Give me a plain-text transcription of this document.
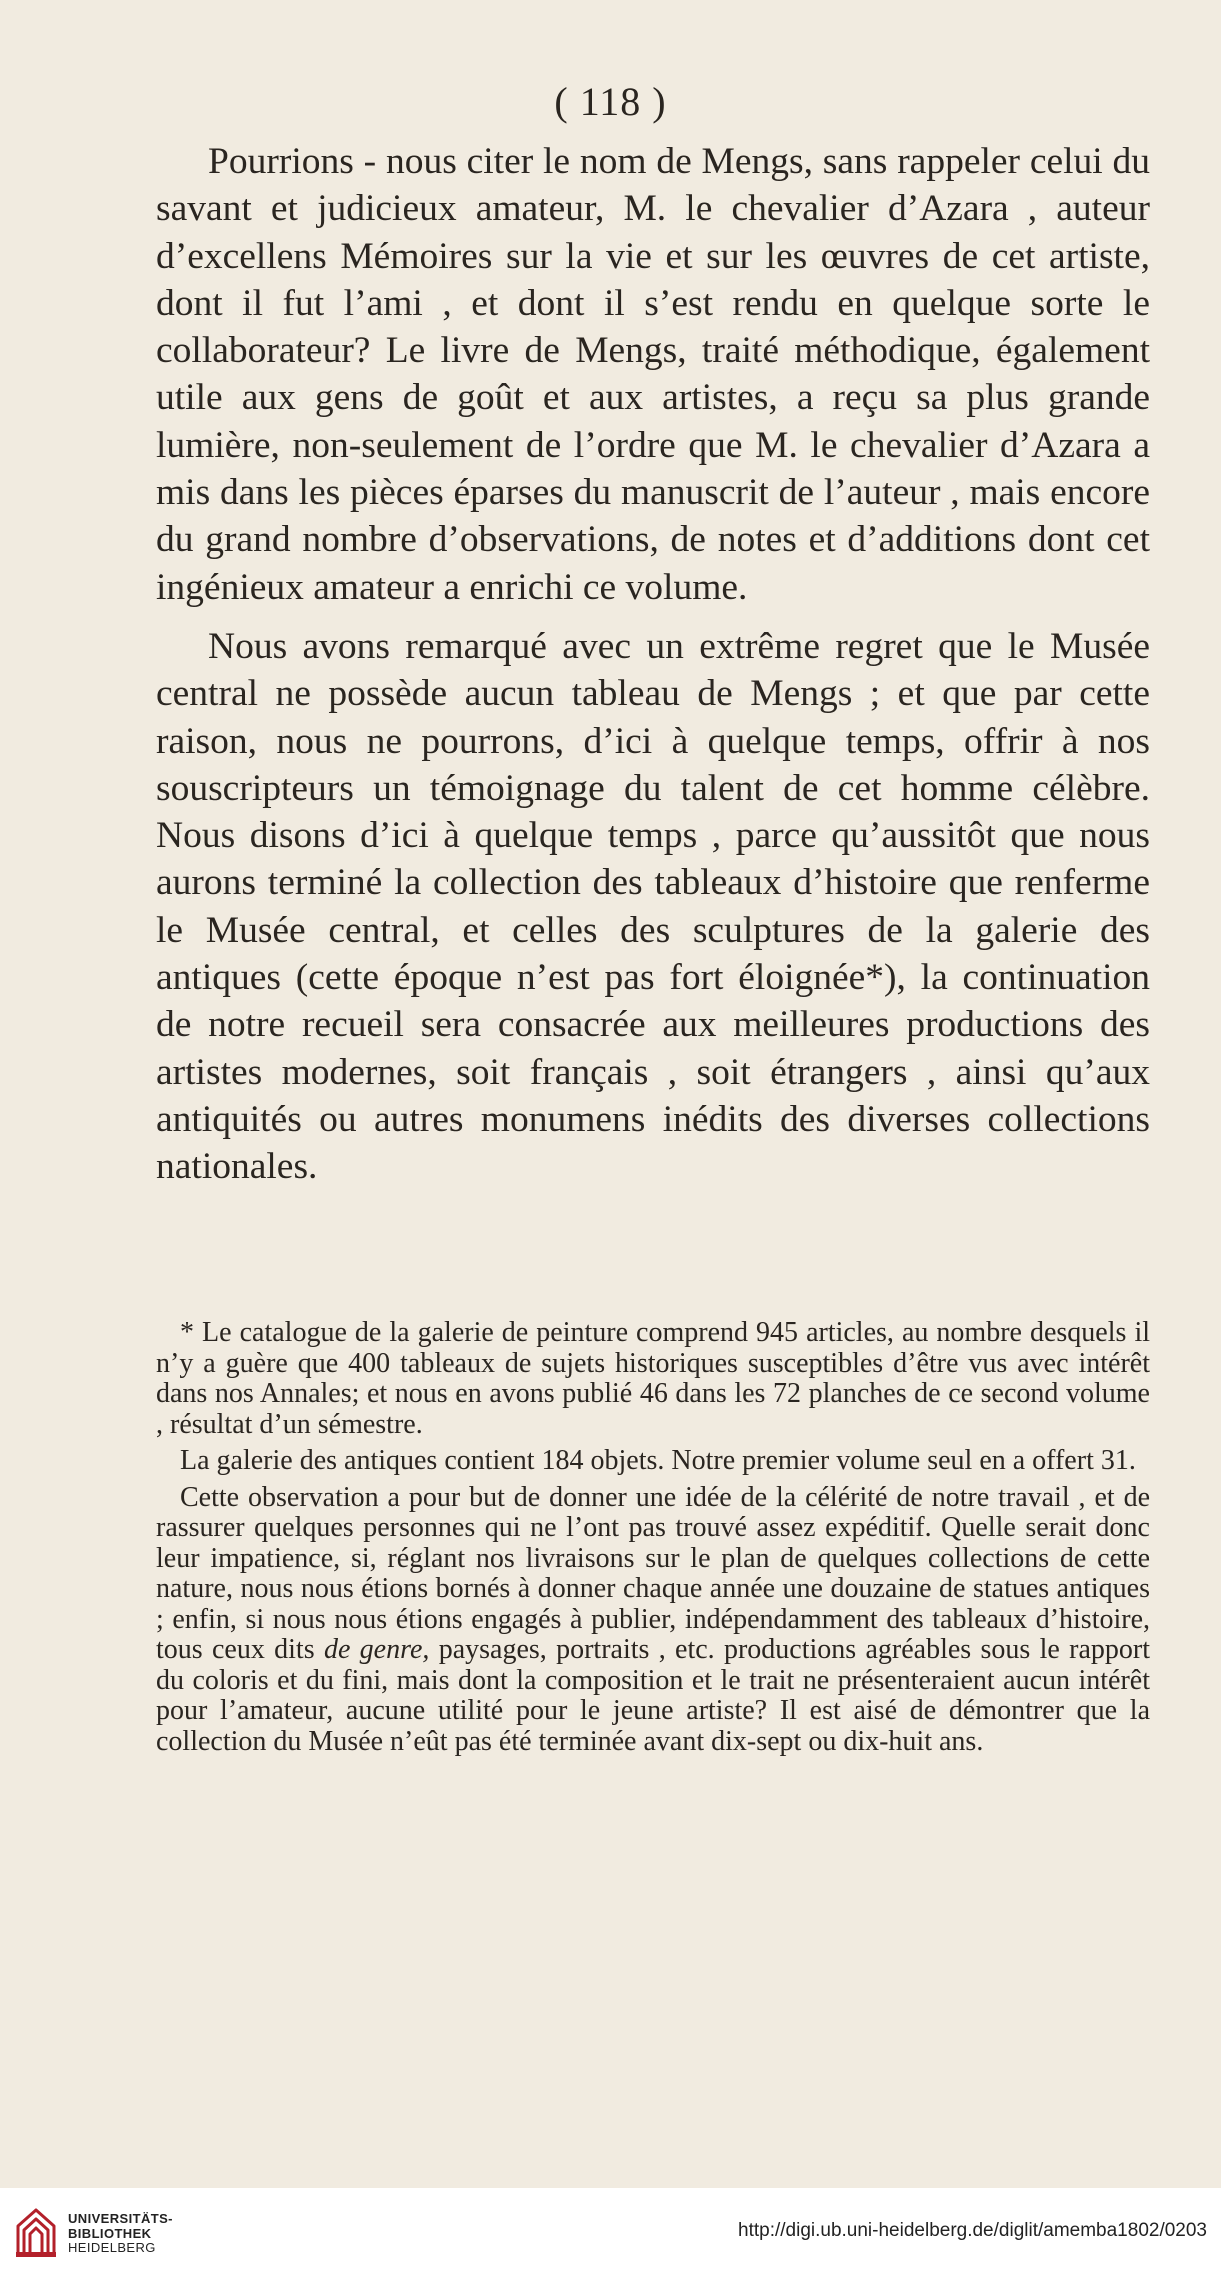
( 118 )

Pourrions - nous citer le nom de Mengs, sans rappeler celui du savant et judicieux amateur, M. le chevalier d’Azara , auteur d’excellens Mémoires sur la vie et sur les œuvres de cet artiste, dont il fut l’ami , et dont il s’est rendu en quelque sorte le collaborateur? Le livre de Mengs, traité méthodique, également utile aux gens de goût et aux artistes, a reçu sa plus grande lumière, non-seulement de l’ordre que M. le chevalier d’Azara a mis dans les pièces éparses du manuscrit de l’auteur , mais encore du grand nombre d’observations, de notes et d’additions dont cet ingénieux amateur a enrichi ce volume.

Nous avons remarqué avec un extrême regret que le Musée central ne possède aucun tableau de Mengs ; et que par cette raison, nous ne pourrons, d’ici à quelque temps, offrir à nos souscripteurs un témoignage du talent de cet homme célèbre. Nous disons d’ici à quelque temps , parce qu’aussitôt que nous aurons terminé la collection des tableaux d’histoire que renferme le Musée central, et celles des sculptures de la galerie des antiques (cette époque n’est pas fort éloignée*), la continuation de notre recueil sera consacrée aux meilleures productions des artistes modernes, soit français , soit étrangers , ainsi qu’aux antiquités ou autres monumens inédits des diverses collections nationales.

* Le catalogue de la galerie de peinture comprend 945 articles, au nombre desquels il n’y a guère que 400 tableaux de sujets historiques susceptibles d’être vus avec intérêt dans nos Annales; et nous en avons publié 46 dans les 72 planches de ce second volume , résultat d’un sémestre.

La galerie des antiques contient 184 objets. Notre premier volume seul en a offert 31.

Cette observation a pour but de donner une idée de la célérité de notre travail , et de rassurer quelques personnes qui ne l’ont pas trouvé assez expéditif. Quelle serait donc leur impatience, si, réglant nos livraisons sur le plan de quelques collections de cette nature, nous nous étions bornés à donner chaque année une douzaine de statues antiques ; enfin, si nous nous étions engagés à publier, indépendamment des tableaux d’histoire, tous ceux dits de genre, paysages, portraits , etc. productions agréables sous le rapport du coloris et du fini, mais dont la composition et le trait ne présenteraient aucun intérêt pour l’amateur, aucune utilité pour le jeune artiste? Il est aisé de démontrer que la collection du Musée n’eût pas été terminée avant dix-sept ou dix-huit ans.

UNIVERSITÄTS-
BIBLIOTHEK
HEIDELBERG
http://digi.ub.uni-heidelberg.de/diglit/amemba1802/0203
